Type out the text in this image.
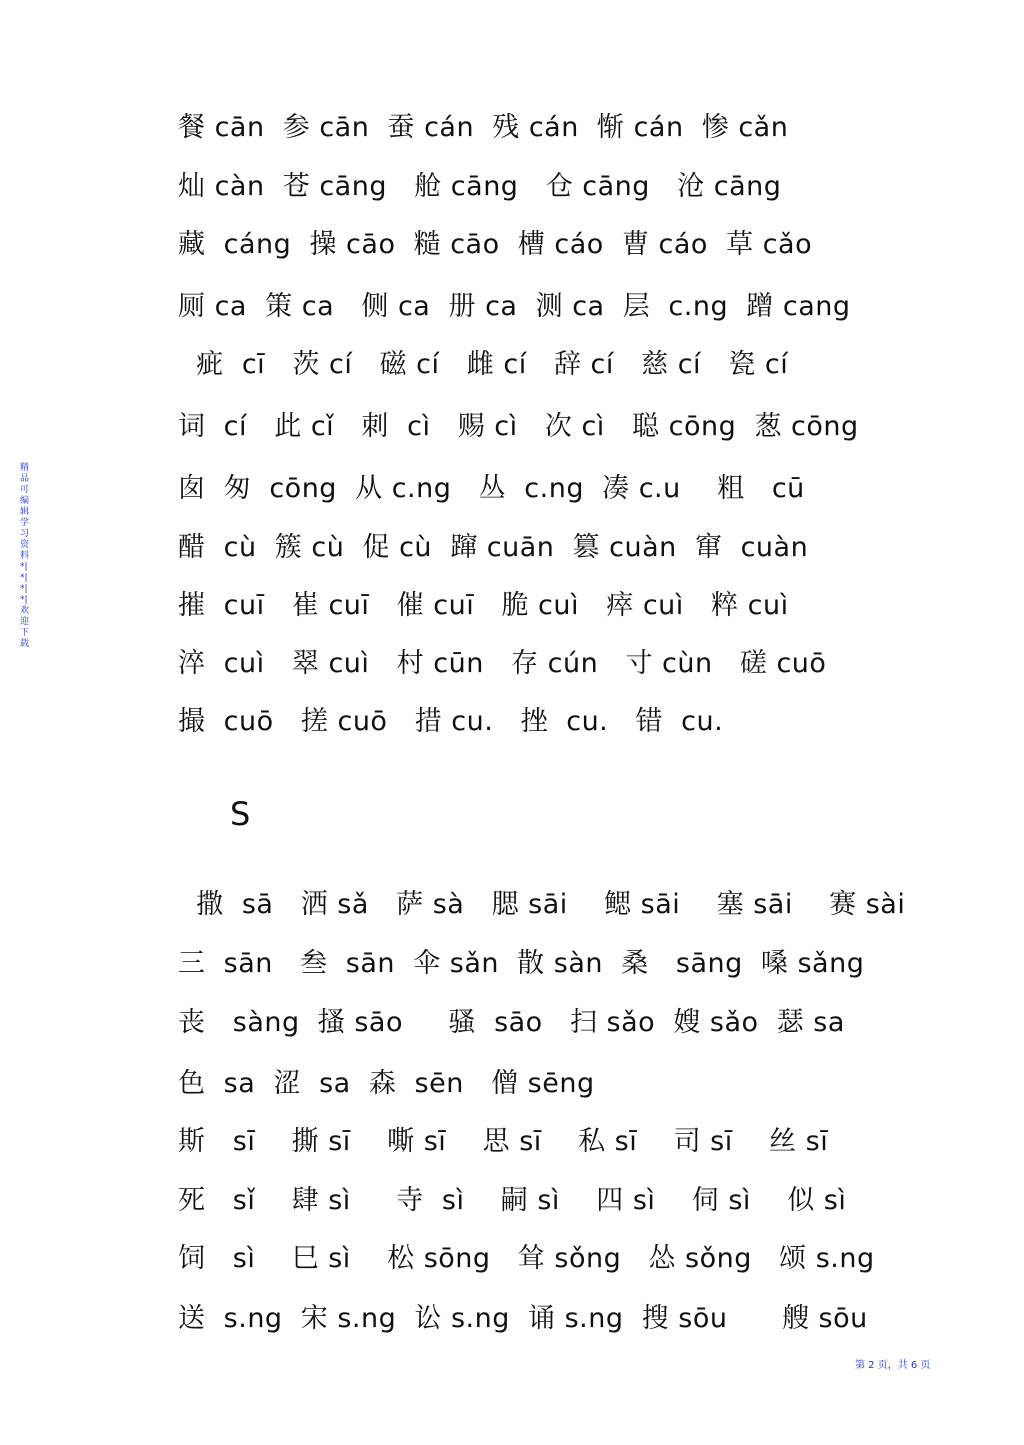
精品可编辑学习资料 *|*|*|*|欢迎下载
餐 cān  参 cān  蚕 cán  残 cán  惭 cán  惨 cǎn
灿 càn  苍 cāng   舱 cāng   仓 cāng   沧 cāng
藏  cáng  操 cāo  糙 cāo  槽 cáo  曹 cáo  草 cǎo
厕 ca  策 ca   侧 ca  册 ca  测 ca  层  c.ng  蹭 cang
疵  cī   茨 cí   磁 cí   雌 cí   辞 cí   慈 cí   瓷 cí
词  cí   此 cǐ   刺  cì   赐 cì   次 cì   聪 cōng  葱 cōng
囱  匆  cōng  从 c.ng   丛  c.ng  凑 c.u    粗   cū
醋  cù  簇 cù  促 cù  蹿 cuān  篡 cuàn  窜  cuàn
摧  cuī   崔 cuī   催 cuī   脆 cuì   瘁 cuì   粹 cuì
淬  cuì   翠 cuì   村 cūn   存 cún   寸 cùn   磋 cuō
撮  cuō   搓 cuō   措 cu.   挫  cu.   错  cu.
S
撒  sā   洒 sǎ   萨 sà   腮 sāi    鳃 sāi    塞 sāi    赛 sài
三  sān   叁  sān  伞 sǎn  散 sàn  桑   sāng  嗓 sǎng
丧   sàng  搔 sāo     骚  sāo   扫 sǎo  嫂 sǎo  瑟 sa
色  sa  涩  sa  森  sēn   僧 sēng
斯   sī    撕 sī    嘶 sī    思 sī    私 sī    司 sī    丝 sī
死   sǐ    肆 sì     寺  sì    嗣 sì    四 sì    伺 sì    似 sì
饲   sì    巳 sì    松 sōng   耸 sǒng   怂 sǒng   颂 s.ng
送  s.ng  宋 s.ng  讼 s.ng  诵 s.ng  搜 sōu      艘 sōu
第 2 页，共 6 页
